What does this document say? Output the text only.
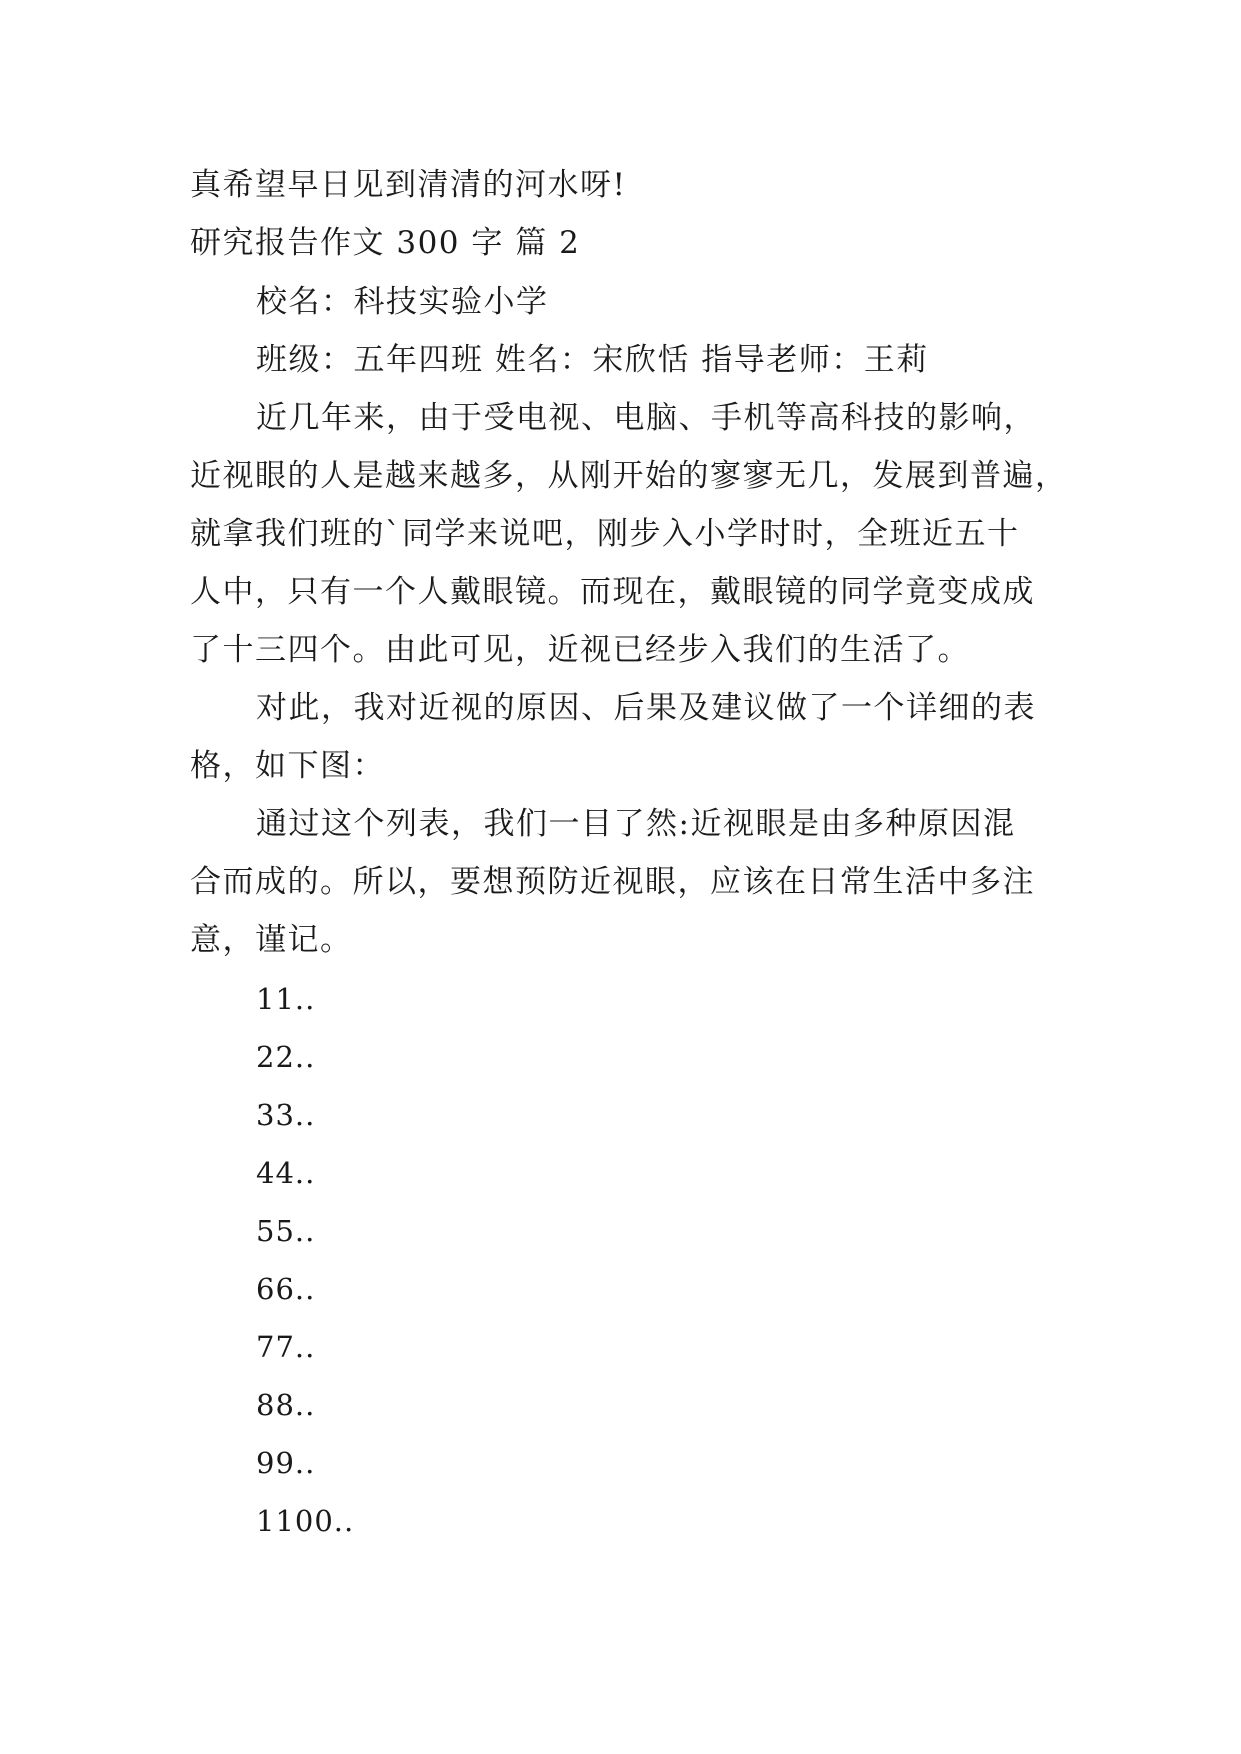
真希望早日见到清清的河水呀!
研究报告作文 300 字 篇 2
校名：科技实验小学
班级：五年四班 姓名：宋欣恬 指导老师：王莉
近几年来，由于受电视、电脑、手机等高科技的影响，
近视眼的人是越来越多，从刚开始的寥寥无几，发展到普遍，
就拿我们班的`同学来说吧，刚步入小学时时，全班近五十
人中，只有一个人戴眼镜。而现在，戴眼镜的同学竟变成成
了十三四个。由此可见，近视已经步入我们的生活了。
对此，我对近视的原因、后果及建议做了一个详细的表
格，如下图：
通过这个列表，我们一目了然:近视眼是由多种原因混
合而成的。所以，要想预防近视眼，应该在日常生活中多注
意，谨记。
11..
22..
33..
44..
55..
66..
77..
88..
99..
1100..
